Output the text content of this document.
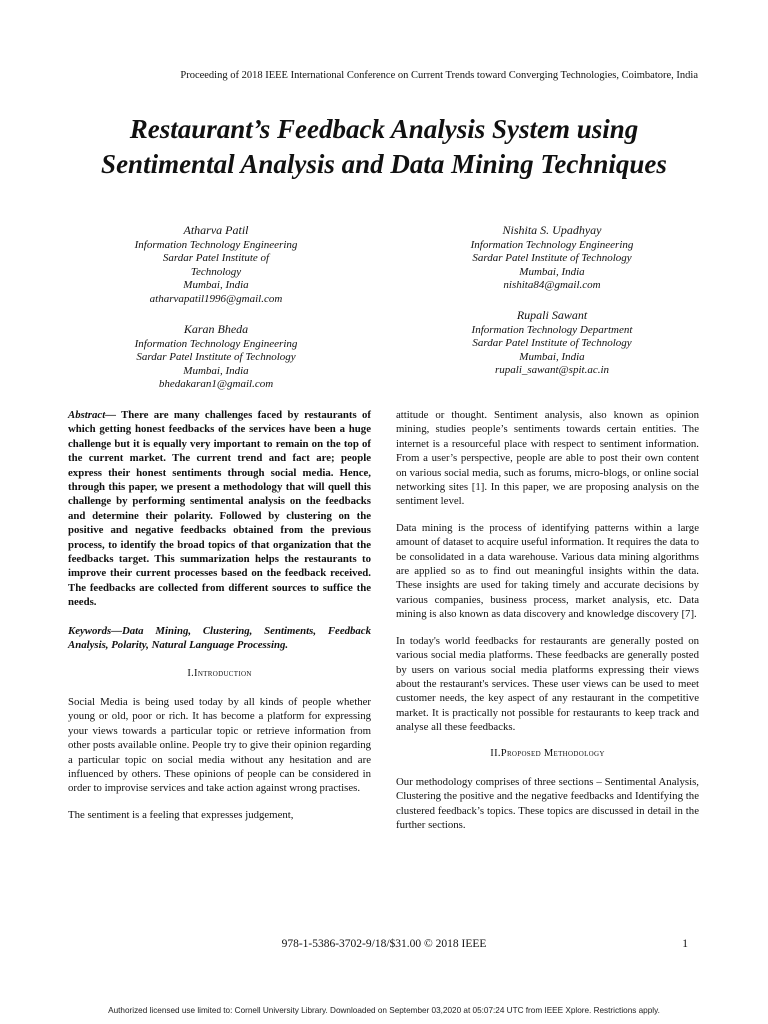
Proceeding of 2018 IEEE International Conference on Current Trends toward Converging Technologies, Coimbatore, India
Restaurant’s Feedback Analysis System using Sentimental Analysis and Data Mining Techniques
Atharva Patil
Information Technology Engineering
Sardar Patel Institute of
Technology
Mumbai, India
atharvapatil1996@gmail.com
Nishita S. Upadhyay
Information Technology Engineering
Sardar Patel Institute of Technology
Mumbai, India
nishita84@gmail.com
Karan Bheda
Information Technology Engineering
Sardar Patel Institute of Technology
Mumbai, India
bhedakaran1@gmail.com
Rupali Sawant
Information Technology Department
Sardar Patel Institute of Technology
Mumbai, India
rupali_sawant@spit.ac.in
Abstract— There are many challenges faced by restaurants of which getting honest feedbacks of the services have been a huge challenge but it is equally very important to remain on the top of the current market. The current trend and fact are; people express their honest sentiments through social media. Hence, through this paper, we present a methodology that will quell this challenge by performing sentimental analysis on the feedbacks and determine their polarity. Followed by clustering on the positive and negative feedbacks obtained from the previous process, to identify the broad topics of that organization that the feedbacks target. This summarization helps the restaurants to improve their current processes based on the feedback received. The feedbacks are collected from different sources to suffice the needs.
Keywords—Data Mining, Clustering, Sentiments, Feedback Analysis, Polarity, Natural Language Processing.
I.Introduction

Social Media is being used today by all kinds of people whether young or old, poor or rich. It has become a platform for expressing your views towards a particular topic or retrieve information from other posts available online. People try to give their opinion regarding a particular topic on social media without any hesitation and are influenced by others. These opinions of people can be considered in order to improvise services and take action against wrong practises.

The sentiment is a feeling that expresses judgement,

attitude or thought. Sentiment analysis, also known as opinion mining, studies people’s sentiments towards certain entities. The internet is a resourceful place with respect to sentiment information. From a user’s perspective, people are able to post their own content on various social media, such as forums, micro-blogs, or online social networking sites [1]. In this paper, we are proposing analysis on the sentiment level.

Data mining is the process of identifying patterns within a large amount of dataset to acquire useful information. It requires the data to be consolidated in a data warehouse. Various data mining algorithms are applied so as to find out meaningful insights within the data. These insights are used for taking timely and accurate decisions by various companies, business process, market analysis, etc. Data mining is also known as data discovery and knowledge discovery [7].

In today's world feedbacks for restaurants are generally posted on various social media platforms. These feedbacks are generally posted by users on various social media platforms expressing their views about the restaurant's services. These user views can be used to meet customer needs, the key aspect of any restaurant in the competitive market. It is practically not possible for restaurants to keep track and analyse all these feedbacks.

II.Proposed Methodology

Our methodology comprises of three sections – Sentimental Analysis, Clustering the positive and the negative feedbacks and Identifying the clustered feedback’s topics. These topics are discussed in detail in the further sections.

978-1-5386-3702-9/18/$31.00 © 2018 IEEE	1
Authorized licensed use limited to: Cornell University Library. Downloaded on September 03,2020 at 05:07:24 UTC from IEEE Xplore. Restrictions apply.
